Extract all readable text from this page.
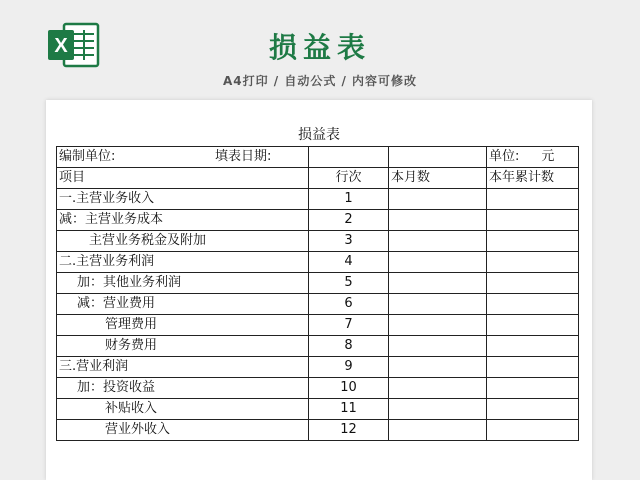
X	损益表
A4打印 / 自动公式 / 内容可修改
损益表
编制单位: 填表日期:			单位: 元
项目	行次	本月数	本年累计数
一.主营业务收入	1		
减：主营业务成本	2		
主营业务税金及附加	3		
二.主营业务利润	4		
加：其他业务利润	5		
减：营业费用	6		
管理费用	7		
财务费用	8		
三.营业利润	9		
加：投资收益	10		
补贴收入	11		
营业外收入	12		
